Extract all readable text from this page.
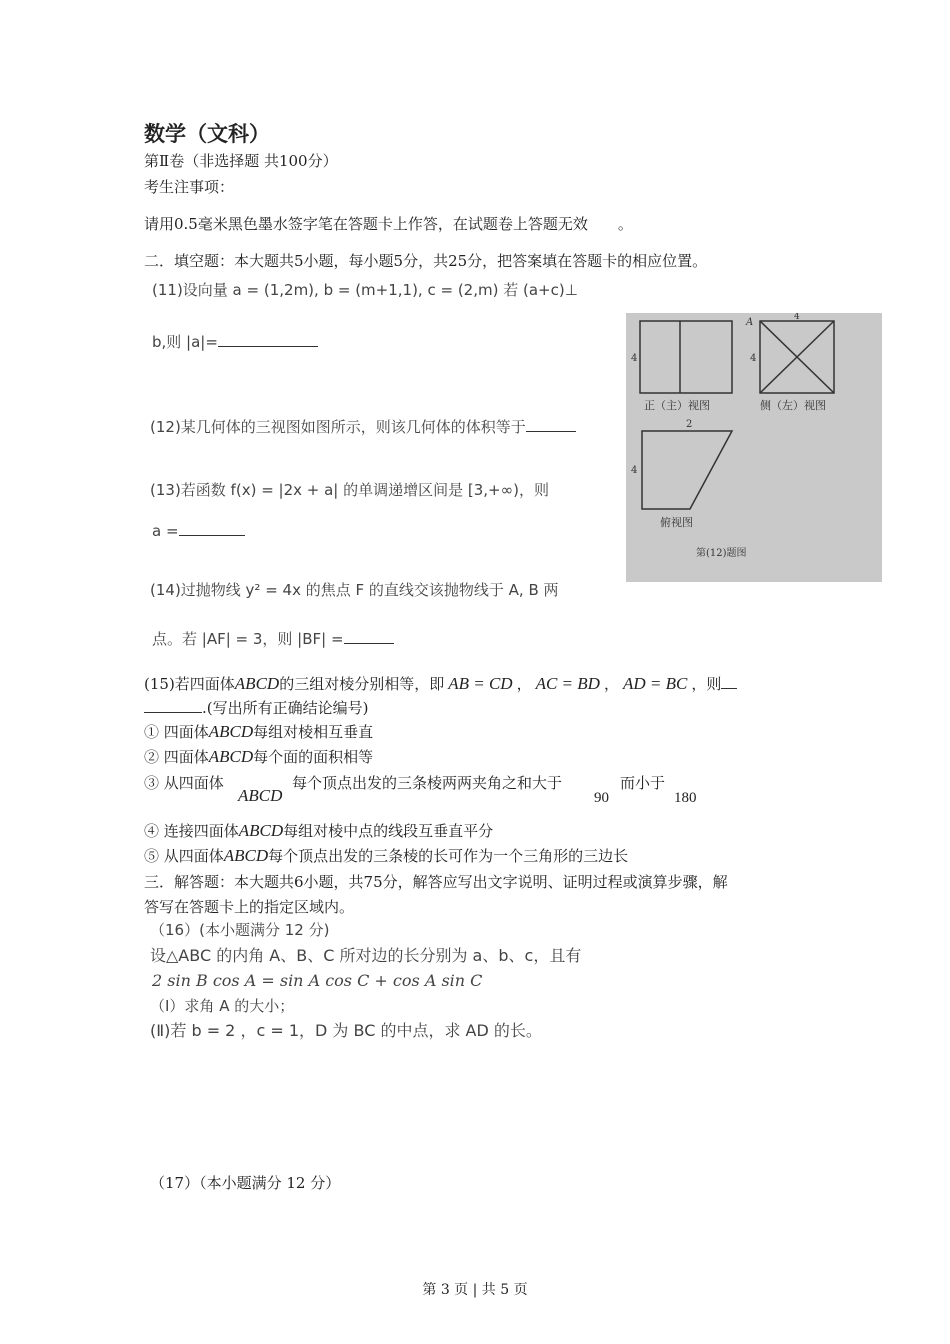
数学（文科）
第Ⅱ卷（非选择题 共100分）
考生注事项：
请用0.5毫米黑色墨水签字笔在答题卡上作答，在试题卷上答题无效 。
二．填空题：本大题共5小题，每小题5分，共25分，把答案填在答题卡的相应位置。
(11)设向量 a = (1,2m), b = (m+1,1), c = (2,m) 若 (a+c)⊥
b,则 |a|=
(12)某几何体的三视图如图所示，则该几何体的体积等于
(13)若函数 f(x) = |2x + a| 的单调递增区间是 [3,+∞)，则
a =
(14)过抛物线 y² = 4x 的焦点 F 的直线交该抛物线于 A, B 两
点。若 |AF| = 3，则 |BF| =
4	4
4
A
4
2
正（主）视图	侧（左）视图
俯视图
第(12)题图
(15)若四面体ABCD的三组对棱分别相等，即 AB = CD ， AC = BD ， AD = BC ，则
.(写出所有正确结论编号)
① 四面体ABCD每组对棱相互垂直
② 四面体ABCD每个面的面积相等
③ 从四面体
ABCD
每个顶点出发的三条棱两两夹角之和大于
90
而小于
180
④ 连接四面体ABCD每组对棱中点的线段互垂直平分
⑤ 从四面体ABCD每个顶点出发的三条棱的长可作为一个三角形的三边长
三．解答题：本大题共6小题，共75分，解答应写出文字说明、证明过程或演算步骤，解
答写在答题卡上的指定区域内。
（16）(本小题满分 12 分)
设△ABC 的内角 A、B、C 所对边的长分别为 a、b、c，且有
2 sin B cos A = sin A cos C + cos A sin C
（Ⅰ）求角 A 的大小；
(Ⅱ)若 b = 2 ，c = 1，D 为 BC 的中点，求 AD 的长。
（17）（本小题满分 12 分）
第 3 页 | 共 5 页
